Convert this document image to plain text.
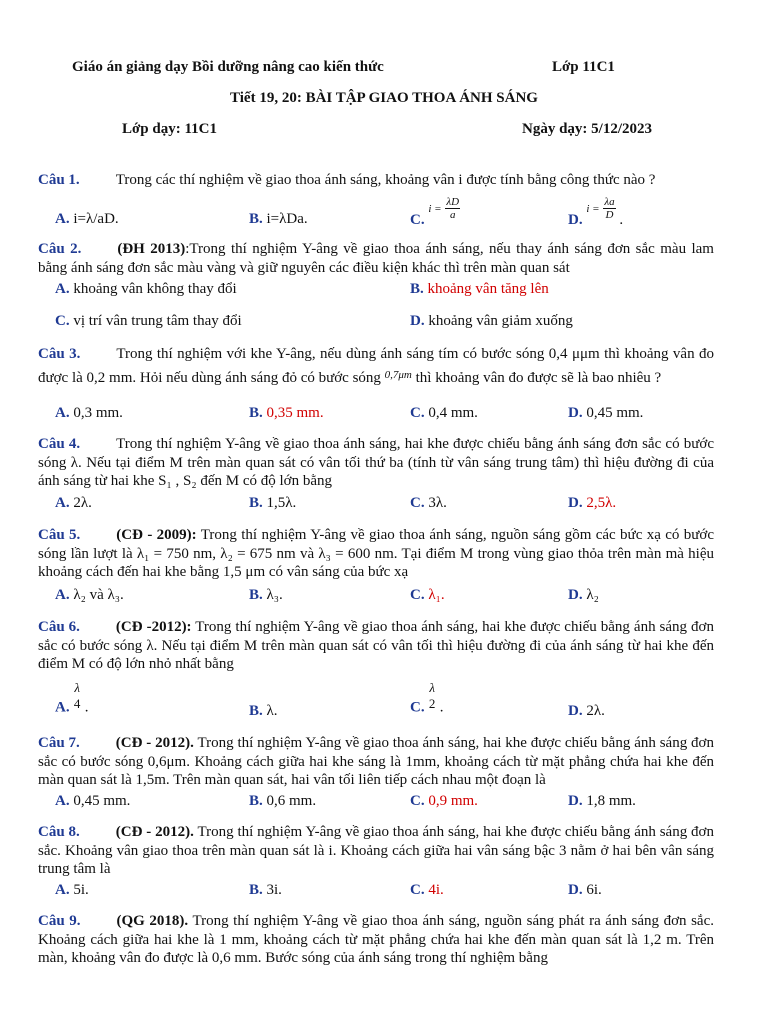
Giáo án giảng dạy Bồi dưỡng nâng cao kiến thức	Lớp 11C1
Tiết 19, 20: BÀI TẬP GIAO THOA ÁNH SÁNG
Lớp dạy: 11C1	Ngày dạy: 5/12/2023
Câu 1. Trong các thí nghiệm về giao thoa ánh sáng, khoảng vân i được tính bằng công thức nào ?
A. i=λ/aD.	B. i=λDa.	C. $i = \frac{\lambda D}{a}$	D. $i = \frac{\lambda a}{D}$ .
Câu 2. (ĐH 2013):Trong thí nghiệm Y-âng về giao thoa ánh sáng, nếu thay ánh sáng đơn sắc màu lam bằng ánh sáng đơn sắc màu vàng và giữ nguyên các điều kiện khác thì trên màn quan sát
A. khoảng vân không thay đổi	B. khoảng vân tăng lên
C. vị trí vân trung tâm thay đổi	D. khoảng vân giảm xuống
Câu 3. Trong thí nghiệm với khe Y-âng, nếu dùng ánh sáng tím có bước sóng 0,4 μμm thì khoảng vân đo được là 0,2 mm. Hỏi nếu dùng ánh sáng đỏ có bước sóng $^{0,7\mu m}$ thì khoảng vân đo được sẽ là bao nhiêu ?
A. 0,3 mm.	B. 0,35 mm.	C. 0,4 mm.	D. 0,45 mm.
Câu 4. Trong thí nghiệm Y-âng về giao thoa ánh sáng, hai khe được chiếu bằng ánh sáng đơn sắc có bước sóng λ. Nếu tại điểm M trên màn quan sát có vân tối thứ ba (tính từ vân sáng trung tâm) thì hiệu đường đi của ánh sáng từ hai khe S₁ , S₂ đến M có độ lớn bằng
A. 2λ.	B. 1,5λ.	C. 3λ.	D. 2,5λ.
Câu 5. (CĐ - 2009): Trong thí nghiệm Y-âng về giao thoa ánh sáng, nguồn sáng gồm các bức xạ có bước sóng lần lượt là λ₁ = 750 nm, λ₂ = 675 nm và λ₃ = 600 nm. Tại điểm M trong vùng giao thỏa trên màn mà hiệu khoảng cách đến hai khe bằng 1,5 μm có vân sáng của bức xạ
A. λ₂ và λ₃.	B. λ₃.	C. λ₁.	D. λ₂
Câu 6. (CĐ -2012): Trong thí nghiệm Y-âng về giao thoa ánh sáng, hai khe được chiếu bằng ánh sáng đơn sắc có bước sóng λ. Nếu tại điểm M trên màn quan sát có vân tối thì hiệu đường đi của ánh sáng từ hai khe đến điểm M có độ lớn nhỏ nhất bằng
A.
λ
4 .	B. λ.	C.
λ
2 .	D. 2λ.
Câu 7. (CĐ - 2012). Trong thí nghiệm Y-âng về giao thoa ánh sáng, hai khe được chiếu bằng ánh sáng đơn sắc có bước sóng 0,6μm. Khoảng cách giữa hai khe sáng là 1mm, khoảng cách từ mặt phẳng chứa hai khe đến màn quan sát là 1,5m. Trên màn quan sát, hai vân tối liên tiếp cách nhau một đoạn là
A. 0,45 mm.	B. 0,6 mm.	C. 0,9 mm.	D. 1,8 mm.
Câu 8. (CĐ - 2012). Trong thí nghiệm Y-âng về giao thoa ánh sáng, hai khe được chiếu bằng ánh sáng đơn sắc. Khoảng vân giao thoa trên màn quan sát là i. Khoảng cách giữa hai vân sáng bậc 3 nằm ở hai bên vân sáng trung tâm là
A. 5i.	B. 3i.	C. 4i.	D. 6i.
Câu 9. (QG 2018). Trong thí nghiệm Y-âng về giao thoa ánh sáng, nguồn sáng phát ra ánh sáng đơn sắc. Khoảng cách giữa hai khe là 1 mm, khoảng cách từ mặt phẳng chứa hai khe đến màn quan sát là 1,2 m. Trên màn, khoảng vân đo được là 0,6 mm. Bước sóng của ánh sáng trong thí nghiệm bằng
